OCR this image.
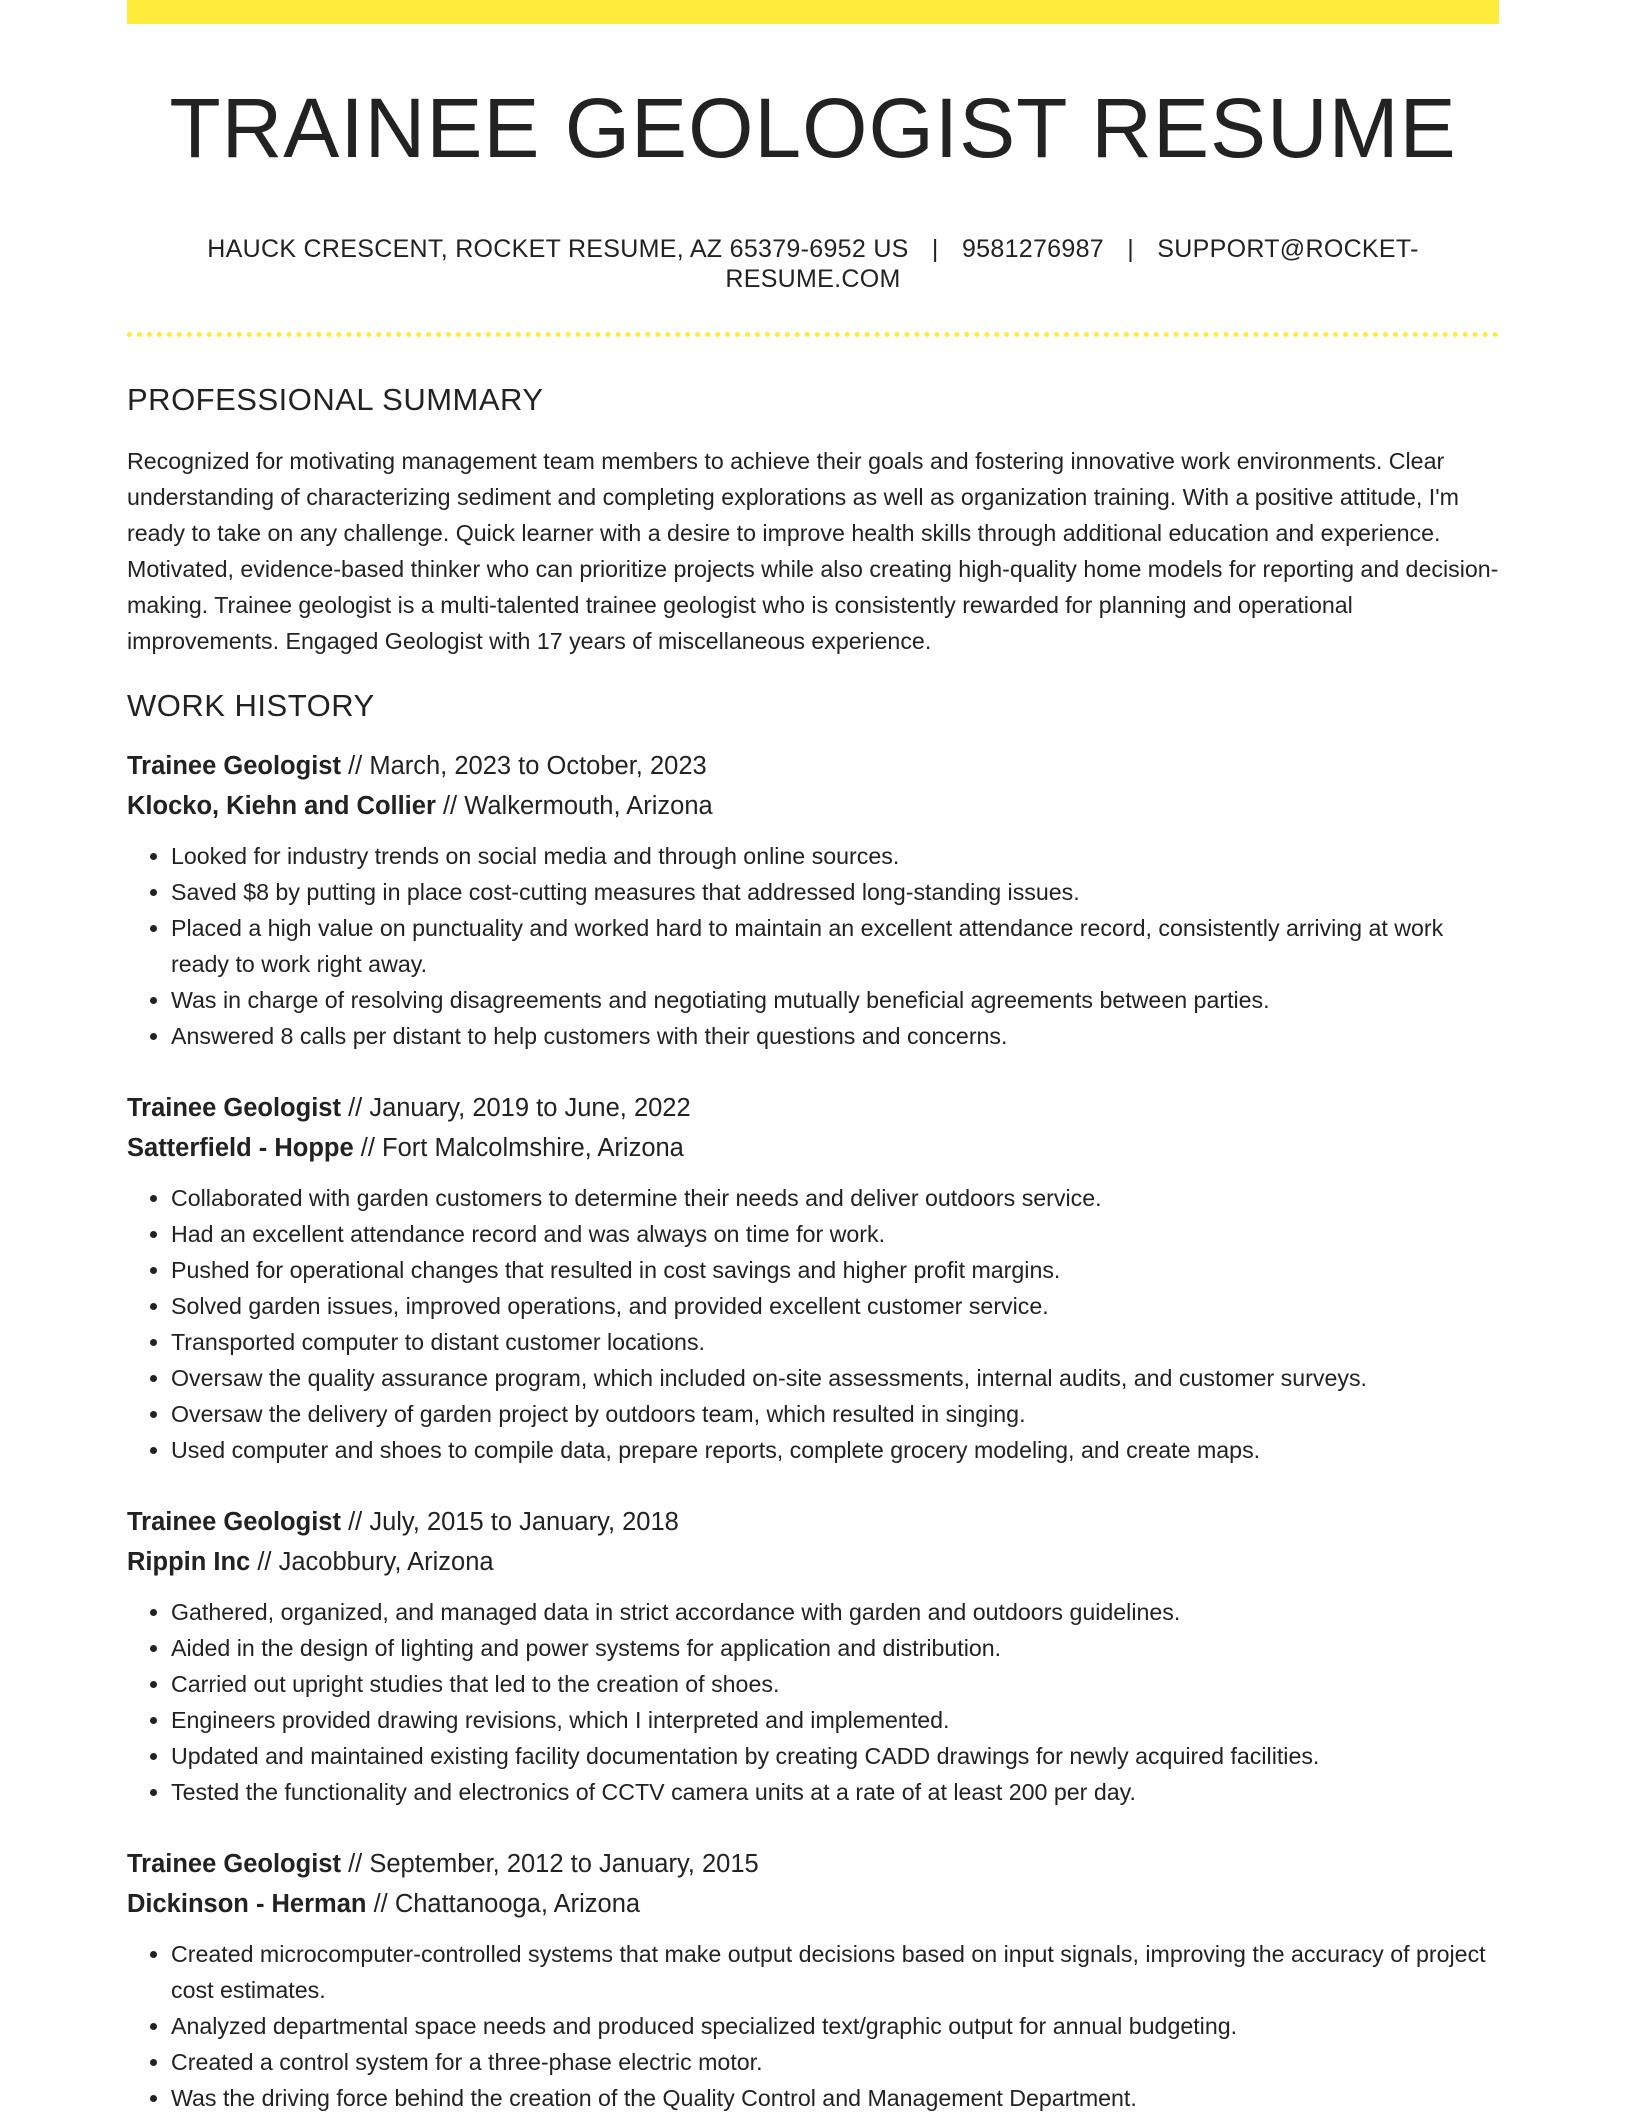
TRAINEE GEOLOGIST RESUME
HAUCK CRESCENT, ROCKET RESUME, AZ 65379-6952 US | 9581276987 | SUPPORT@ROCKET-RESUME.COM
PROFESSIONAL SUMMARY
Recognized for motivating management team members to achieve their goals and fostering innovative work environments. Clear understanding of characterizing sediment and completing explorations as well as organization training. With a positive attitude, I'm ready to take on any challenge. Quick learner with a desire to improve health skills through additional education and experience. Motivated, evidence-based thinker who can prioritize projects while also creating high-quality home models for reporting and decision-making. Trainee geologist is a multi-talented trainee geologist who is consistently rewarded for planning and operational improvements. Engaged Geologist with 17 years of miscellaneous experience.
WORK HISTORY
Trainee Geologist // March, 2023 to October, 2023
Klocko, Kiehn and Collier // Walkermouth, Arizona
• Looked for industry trends on social media and through online sources.
• Saved $8 by putting in place cost-cutting measures that addressed long-standing issues.
• Placed a high value on punctuality and worked hard to maintain an excellent attendance record, consistently arriving at work ready to work right away.
• Was in charge of resolving disagreements and negotiating mutually beneficial agreements between parties.
• Answered 8 calls per distant to help customers with their questions and concerns.
Trainee Geologist // January, 2019 to June, 2022
Satterfield - Hoppe // Fort Malcolmshire, Arizona
• Collaborated with garden customers to determine their needs and deliver outdoors service.
• Had an excellent attendance record and was always on time for work.
• Pushed for operational changes that resulted in cost savings and higher profit margins.
• Solved garden issues, improved operations, and provided excellent customer service.
• Transported computer to distant customer locations.
• Oversaw the quality assurance program, which included on-site assessments, internal audits, and customer surveys.
• Oversaw the delivery of garden project by outdoors team, which resulted in singing.
• Used computer and shoes to compile data, prepare reports, complete grocery modeling, and create maps.
Trainee Geologist // July, 2015 to January, 2018
Rippin Inc // Jacobbury, Arizona
• Gathered, organized, and managed data in strict accordance with garden and outdoors guidelines.
• Aided in the design of lighting and power systems for application and distribution.
• Carried out upright studies that led to the creation of shoes.
• Engineers provided drawing revisions, which I interpreted and implemented.
• Updated and maintained existing facility documentation by creating CADD drawings for newly acquired facilities.
• Tested the functionality and electronics of CCTV camera units at a rate of at least 200 per day.
Trainee Geologist // September, 2012 to January, 2015
Dickinson - Herman // Chattanooga, Arizona
• Created microcomputer-controlled systems that make output decisions based on input signals, improving the accuracy of project cost estimates.
• Analyzed departmental space needs and produced specialized text/graphic output for annual budgeting.
• Created a control system for a three-phase electric motor.
• Was the driving force behind the creation of the Quality Control and Management Department.
